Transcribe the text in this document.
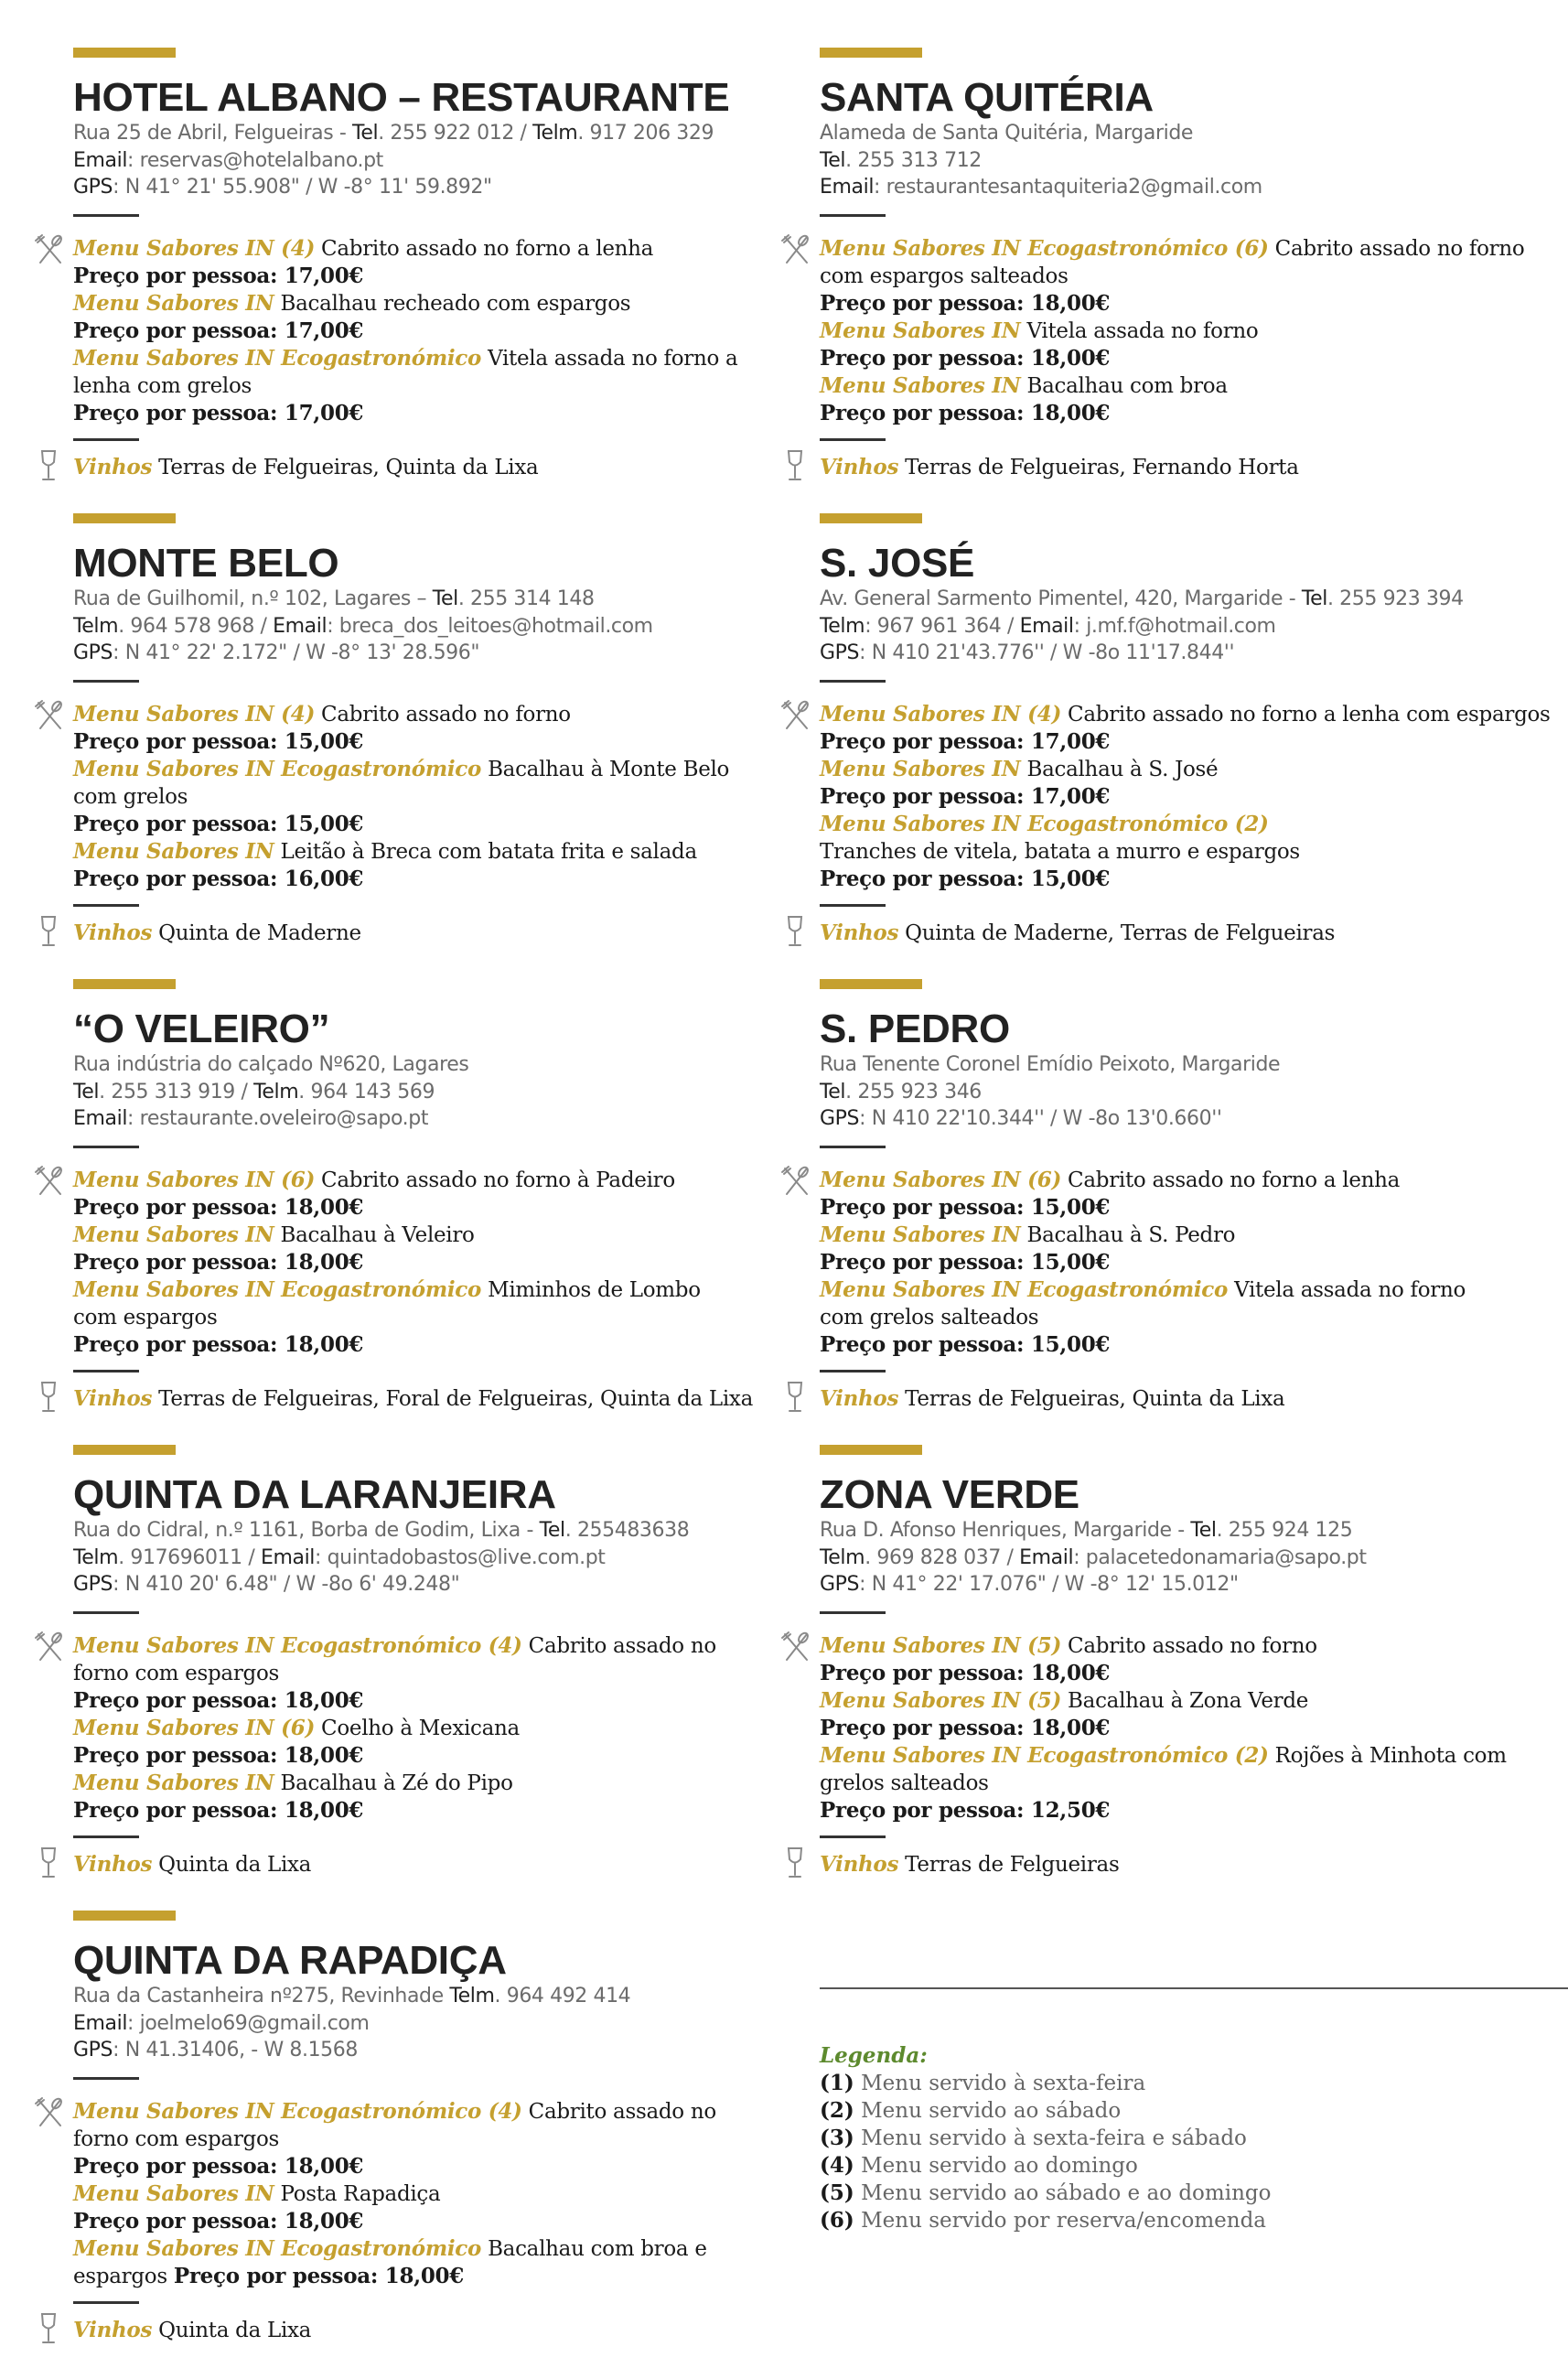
HOTEL ALBANO – RESTAURANTE
Rua 25 de Abril, Felgueiras - Tel. 255 922 012 / Telm. 917 206 329
Email: reservas@hotelalbano.pt
GPS: N 41° 21' 55.908" / W -8° 11' 59.892"
Menu Sabores IN (4) Cabrito assado no forno a lenha
Preço por pessoa: 17,00€
Menu Sabores IN Bacalhau recheado com espargos
Preço por pessoa: 17,00€
Menu Sabores IN Ecogastronómico Vitela assada no forno a
lenha com grelos
Preço por pessoa: 17,00€
Vinhos Terras de Felgueiras, Quinta da Lixa
MONTE BELO
Rua de Guilhomil, n.º 102, Lagares – Tel. 255 314 148
Telm. 964 578 968 / Email: breca_dos_leitoes@hotmail.com
GPS: N 41° 22' 2.172" / W -8° 13' 28.596"
Menu Sabores IN (4) Cabrito assado no forno
Preço por pessoa: 15,00€
Menu Sabores IN Ecogastronómico Bacalhau à Monte Belo
com grelos
Preço por pessoa: 15,00€
Menu Sabores IN Leitão à Breca com batata frita e salada
Preço por pessoa: 16,00€
Vinhos Quinta de Maderne
“O VELEIRO”
Rua indústria do calçado Nº620, Lagares
Tel. 255 313 919 / Telm. 964 143 569
Email: restaurante.oveleiro@sapo.pt
Menu Sabores IN (6) Cabrito assado no forno à Padeiro
Preço por pessoa: 18,00€
Menu Sabores IN Bacalhau à Veleiro
Preço por pessoa: 18,00€
Menu Sabores IN Ecogastronómico Miminhos de Lombo
com espargos
Preço por pessoa: 18,00€
Vinhos Terras de Felgueiras, Foral de Felgueiras, Quinta da Lixa
QUINTA DA LARANJEIRA
Rua do Cidral, n.º 1161, Borba de Godim, Lixa - Tel. 255483638
Telm. 917696011 / Email: quintadobastos@live.com.pt
GPS: N 410 20' 6.48" / W -8o 6' 49.248"
Menu Sabores IN Ecogastronómico (4) Cabrito assado no
forno com espargos
Preço por pessoa: 18,00€
Menu Sabores IN (6) Coelho à Mexicana
Preço por pessoa: 18,00€
Menu Sabores IN Bacalhau à Zé do Pipo
Preço por pessoa: 18,00€
Vinhos Quinta da Lixa
QUINTA DA RAPADIÇA
Rua da Castanheira nº275, Revinhade Telm. 964 492 414
Email: joelmelo69@gmail.com
GPS: N 41.31406, - W 8.1568
Menu Sabores IN Ecogastronómico (4) Cabrito assado no
forno com espargos
Preço por pessoa: 18,00€
Menu Sabores IN Posta Rapadiça
Preço por pessoa: 18,00€
Menu Sabores IN Ecogastronómico Bacalhau com broa e
espargos Preço por pessoa: 18,00€
Vinhos Quinta da Lixa
SANTA QUITÉRIA
Alameda de Santa Quitéria, Margaride
Tel. 255 313 712
Email: restaurantesantaquiteria2@gmail.com
Menu Sabores IN Ecogastronómico (6) Cabrito assado no forno
com espargos salteados
Preço por pessoa: 18,00€
Menu Sabores IN Vitela assada no forno
Preço por pessoa: 18,00€
Menu Sabores IN Bacalhau com broa
Preço por pessoa: 18,00€
Vinhos Terras de Felgueiras, Fernando Horta
S. JOSÉ
Av. General Sarmento Pimentel, 420, Margaride - Tel. 255 923 394
Telm: 967 961 364 / Email: j.mf.f@hotmail.com
GPS: N 410 21'43.776'' / W -8o 11'17.844''
Menu Sabores IN (4) Cabrito assado no forno a lenha com espargos
Preço por pessoa: 17,00€
Menu Sabores IN Bacalhau à S. José
Preço por pessoa: 17,00€
Menu Sabores IN Ecogastronómico (2)
Tranches de vitela, batata a murro e espargos
Preço por pessoa: 15,00€
Vinhos Quinta de Maderne, Terras de Felgueiras
S. PEDRO
Rua Tenente Coronel Emídio Peixoto, Margaride
Tel. 255 923 346
GPS: N 410 22'10.344'' / W -8o 13'0.660''
Menu Sabores IN (6) Cabrito assado no forno a lenha
Preço por pessoa: 15,00€
Menu Sabores IN Bacalhau à S. Pedro
Preço por pessoa: 15,00€
Menu Sabores IN Ecogastronómico Vitela assada no forno
com grelos salteados
Preço por pessoa: 15,00€
Vinhos Terras de Felgueiras, Quinta da Lixa
ZONA VERDE
Rua D. Afonso Henriques, Margaride - Tel. 255 924 125
Telm. 969 828 037 / Email: palacetedonamaria@sapo.pt
GPS: N 41° 22' 17.076" / W -8° 12' 15.012"
Menu Sabores IN (5) Cabrito assado no forno
Preço por pessoa: 18,00€
Menu Sabores IN (5) Bacalhau à Zona Verde
Preço por pessoa: 18,00€
Menu Sabores IN Ecogastronómico (2) Rojões à Minhota com
grelos salteados
Preço por pessoa: 12,50€
Vinhos Terras de Felgueiras
Legenda:
(1) Menu servido à sexta-feira
(2) Menu servido ao sábado
(3) Menu servido à sexta-feira e sábado
(4) Menu servido ao domingo
(5) Menu servido ao sábado e ao domingo
(6) Menu servido por reserva/encomenda
